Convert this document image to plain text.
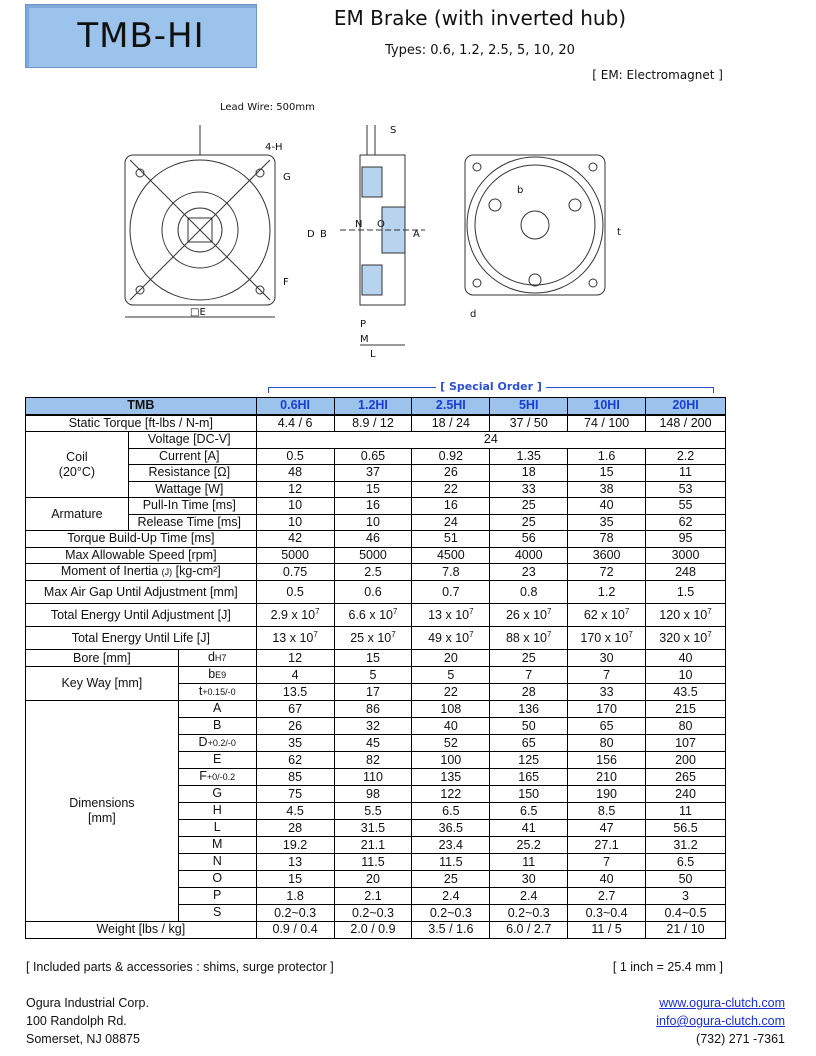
TMB-HI	EM Brake (with inverted hub)
Types: 0.6, 1.2, 2.5, 5, 10, 20
[ EM: Electromagnet ]
Lead Wire: 500mm
4-H
G
F
□E
S
D B
N O
A
P
M
L
b
t
d
[ Special Order ]
TMB			0.6HI	1.2HI	2.5HI	5HI	10HI	20HI
Static Torque [ft-lbs / N-m]			4.4 / 6	8.9 / 12	18 / 24	37 / 50	74 / 100	148 / 200

Coil
(20°C)	Voltage [DC-V]		24					
	Current [A]		0.5	0.65	0.92	1.35	1.6	2.2
	Resistance [Ω]		48	37	26	18	15	11
	Wattage [W]		12	15	22	33	38	53
Armature	Pull-In Time [ms]		10	16	16	25	40	55
	Release Time [ms]		10	10	24	25	35	62
Torque Build-Up Time [ms]			42	46	51	56	78	95
Max Allowable Speed [rpm]			5000	5000	4500	4000	3600	3000
Moment of Inertia (J) [kg-cm²]			0.75	2.5	7.8	23	72	248
Max Air Gap Until Adjustment [mm]			0.5	0.6	0.7	0.8	1.2	1.5
Total Energy Until Adjustment [J]			2.9 x $10^7$	6.6 x $10^7$	13 x $10^7$	26 x $10^7$	62 x $10^7$	120 x $10^7$
Total Energy Until Life [J]			13 x $10^7$	25 x $10^7$	49 x $10^7$	88 x $10^7$	170 x $10^7$	320 x $10^7$
Bore [mm]		dH7	12	15	20	25	30	40
Key Way [mm]		bE9	4	5	5	7	7	10
		t+0.15/-0	13.5	17	22	28	33	43.5

Dimensions
[mm]		A	67	86	108	136	170	215
		B	26	32	40	50	65	80
		D+0.2/-0	35	45	52	65	80	107
		E	62	82	100	125	156	200
		F+0/-0.2	85	110	135	165	210	265
		G	75	98	122	150	190	240
		H	4.5	5.5	6.5	6.5	8.5	11
		L	28	31.5	36.5	41	47	56.5
		M	19.2	21.1	23.4	25.2	27.1	31.2
		N	13	11.5	11.5	11	7	6.5
		O	15	20	25	30	40	50
		P	1.8	2.1	2.4	2.4	2.7	3
		S	0.2~0.3	0.2~0.3	0.2~0.3	0.2~0.3	0.3~0.4	0.4~0.5
Weight [lbs / kg]			0.9 / 0.4	2.0 / 0.9	3.5 / 1.6	6.0 / 2.7	11 / 5	21 / 10
[ Included parts & accessories : shims, surge protector ]	[ 1 inch = 25.4 mm ]
Ogura Industrial Corp.
100 Randolph Rd.
Somerset, NJ 08875
www.ogura-clutch.com
info@ogura-clutch.com
(732) 271 -7361
